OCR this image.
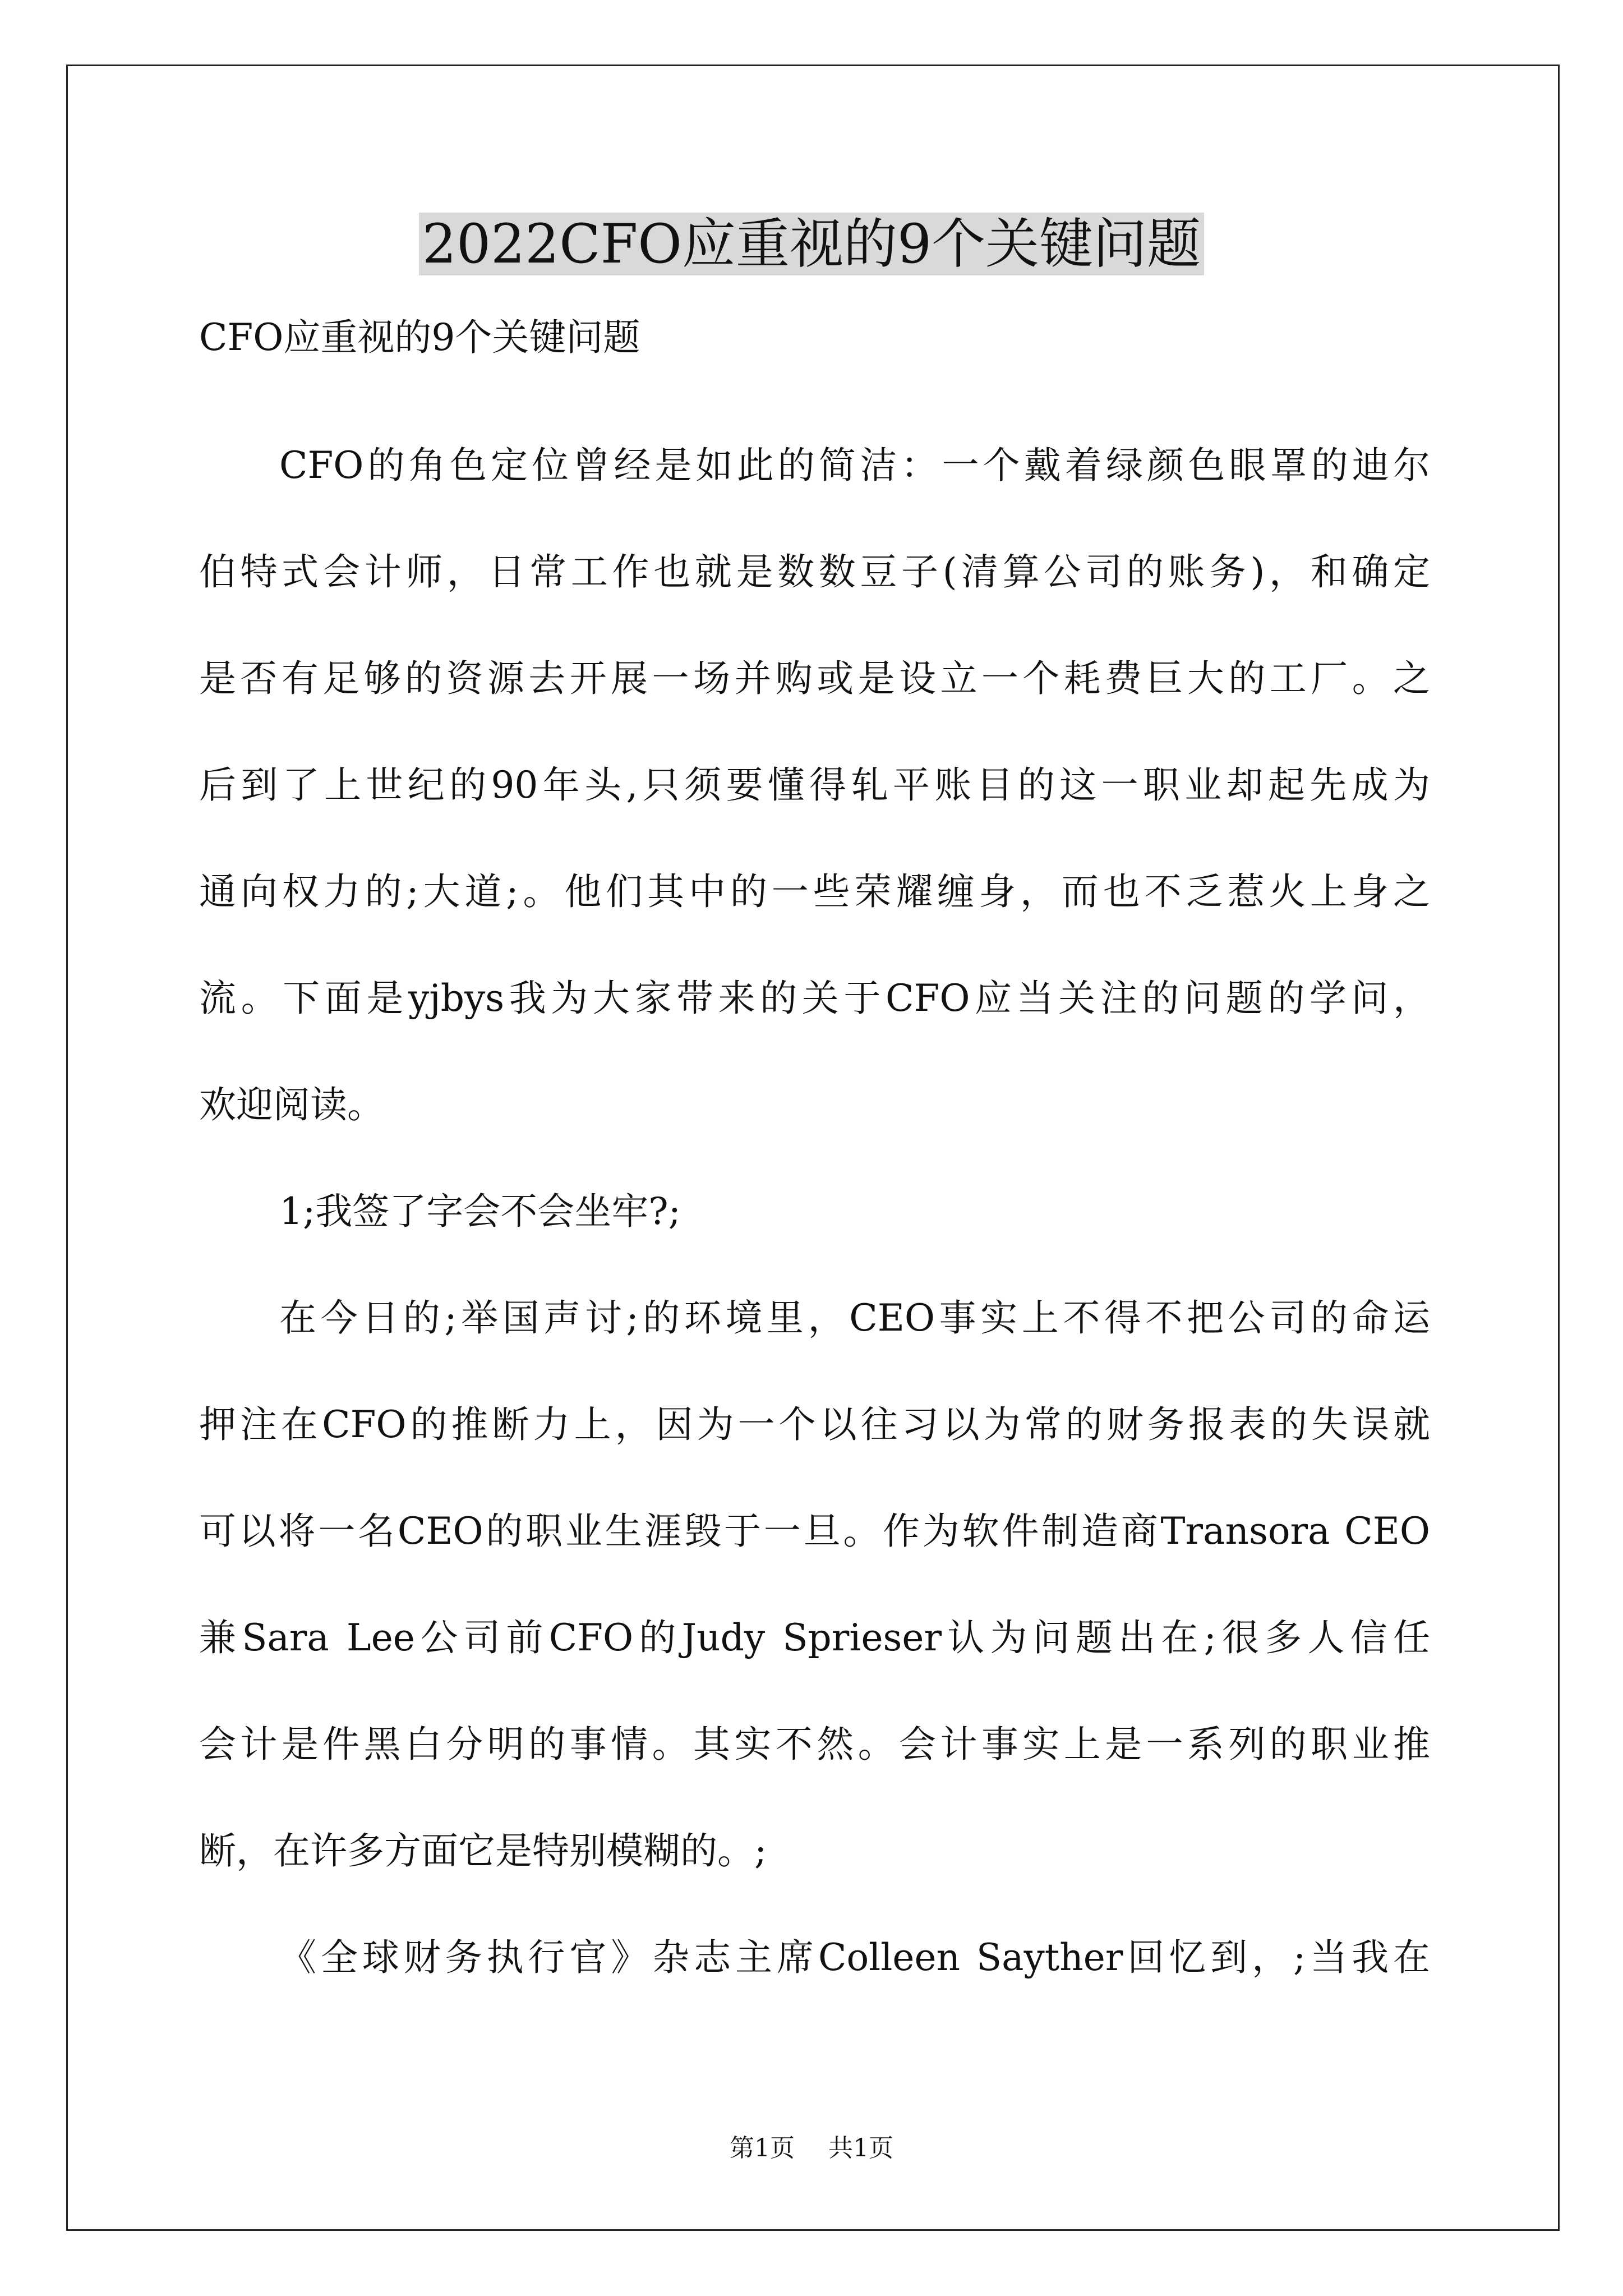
2022CFO应重视的9个关键问题
CFO应重视的9个关键问题
CFO的角色定位曾经是如此的简洁：一个戴着绿颜色眼罩的迪尔
伯特式会计师，日常工作也就是数数豆子(清算公司的账务)，和确定
是否有足够的资源去开展一场并购或是设立一个耗费巨大的工厂。之
后到了上世纪的90年头,只须要懂得轧平账目的这一职业却起先成为
通向权力的;大道;。他们其中的一些荣耀缠身，而也不乏惹火上身之
流。下面是yjbys我为大家带来的关于CFO应当关注的问题的学问，
欢迎阅读。
1;我签了字会不会坐牢?;
在今日的;举国声讨;的环境里，CEO事实上不得不把公司的命运
押注在CFO的推断力上，因为一个以往习以为常的财务报表的失误就
可以将一名CEO的职业生涯毁于一旦。作为软件制造商Transora CEO
兼Sara Lee公司前CFO的Judy Sprieser认为问题出在;很多人信任
会计是件黑白分明的事情。其实不然。会计事实上是一系列的职业推
断，在许多方面它是特别模糊的。;
《全球财务执行官》杂志主席Colleen Sayther回忆到，;当我在
第1页 共1页
